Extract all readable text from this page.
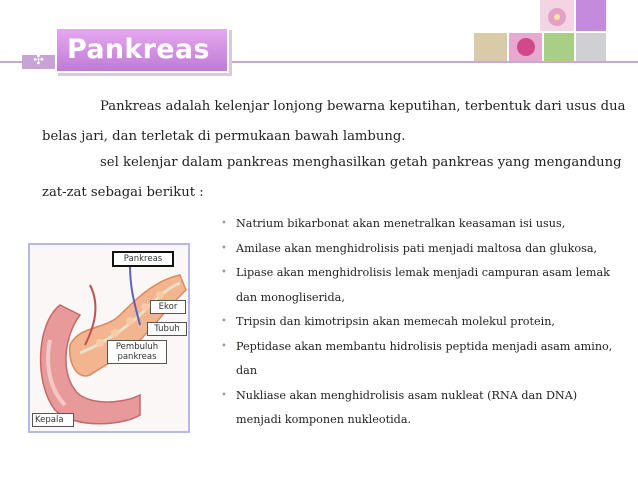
✣ Pankreas
Pankreas adalah kelenjar lonjong bewarna keputihan, terbentuk dari usus dua
belas jari, dan terletak di permukaan bawah lambung.
sel kelenjar dalam pankreas menghasilkan getah pankreas yang mengandung
zat-zat sebagai berikut :
• Natrium bikarbonat akan menetralkan keasaman isi usus,
• Amilase akan menghidrolisis pati menjadi maltosa dan glukosa,
• Lipase akan menghidrolisis lemak menjadi campuran asam lemak
dan monogliserida,
• Tripsin dan kimotripsin akan memecah molekul protein,
• Peptidase akan membantu hidrolisis peptida menjadi asam amino,
dan
• Nukliase akan menghidrolisis asam nukleat (RNA dan DNA)
menjadi komponen nukleotida.
Pankreas
Ekor
Tubuh
Pembuluh
pankreas
Kepala
